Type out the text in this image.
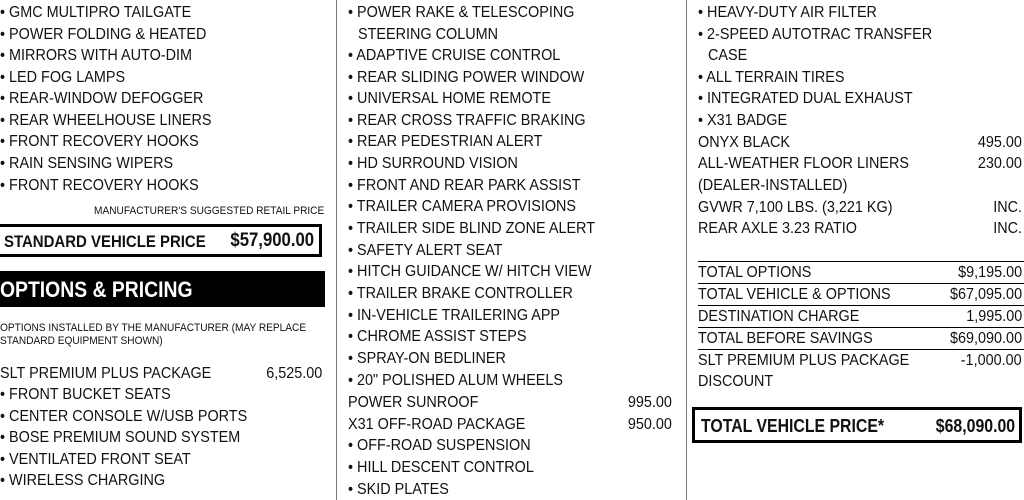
• GMC MULTIPRO TAILGATE
• POWER FOLDING & HEATED
• MIRRORS WITH AUTO-DIM
• LED FOG LAMPS
• REAR-WINDOW DEFOGGER
• REAR WHEELHOUSE LINERS
• FRONT RECOVERY HOOKS
• RAIN SENSING WIPERS
• FRONT RECOVERY HOOKS
MANUFACTURER'S SUGGESTED RETAIL PRICE
STANDARD VEHICLE PRICE $57,900.00
OPTIONS & PRICING
OPTIONS INSTALLED BY THE MANUFACTURER (MAY REPLACE
STANDARD EQUIPMENT SHOWN)
SLT PREMIUM PLUS PACKAGE	6,525.00
• FRONT BUCKET SEATS
• CENTER CONSOLE W/USB PORTS
• BOSE PREMIUM SOUND SYSTEM
• VENTILATED FRONT SEAT
• WIRELESS CHARGING
• POWER RAKE & TELESCOPING
STEERING COLUMN
• ADAPTIVE CRUISE CONTROL
• REAR SLIDING POWER WINDOW
• UNIVERSAL HOME REMOTE
• REAR CROSS TRAFFIC BRAKING
• REAR PEDESTRIAN ALERT
• HD SURROUND VISION
• FRONT AND REAR PARK ASSIST
• TRAILER CAMERA PROVISIONS
• TRAILER SIDE BLIND ZONE ALERT
• SAFETY ALERT SEAT
• HITCH GUIDANCE W/ HITCH VIEW
• TRAILER BRAKE CONTROLLER
• IN-VEHICLE TRAILERING APP
• CHROME ASSIST STEPS
• SPRAY-ON BEDLINER
• 20" POLISHED ALUM WHEELS
POWER SUNROOF	995.00
X31 OFF-ROAD PACKAGE	950.00
• OFF-ROAD SUSPENSION
• HILL DESCENT CONTROL
• SKID PLATES
• HEAVY-DUTY AIR FILTER
• 2-SPEED AUTOTRAC TRANSFER
CASE
• ALL TERRAIN TIRES
• INTEGRATED DUAL EXHAUST
• X31 BADGE
ONYX BLACK	495.00
ALL-WEATHER FLOOR LINERS	230.00
(DEALER-INSTALLED)
GVWR 7,100 LBS. (3,221 KG)	INC.
REAR AXLE 3.23 RATIO	INC.
TOTAL OPTIONS	$9,195.00
TOTAL VEHICLE & OPTIONS	$67,095.00
DESTINATION CHARGE	1,995.00
TOTAL BEFORE SAVINGS	$69,090.00
SLT PREMIUM PLUS PACKAGE	-1,000.00
DISCOUNT
TOTAL VEHICLE PRICE*	$68,090.00
